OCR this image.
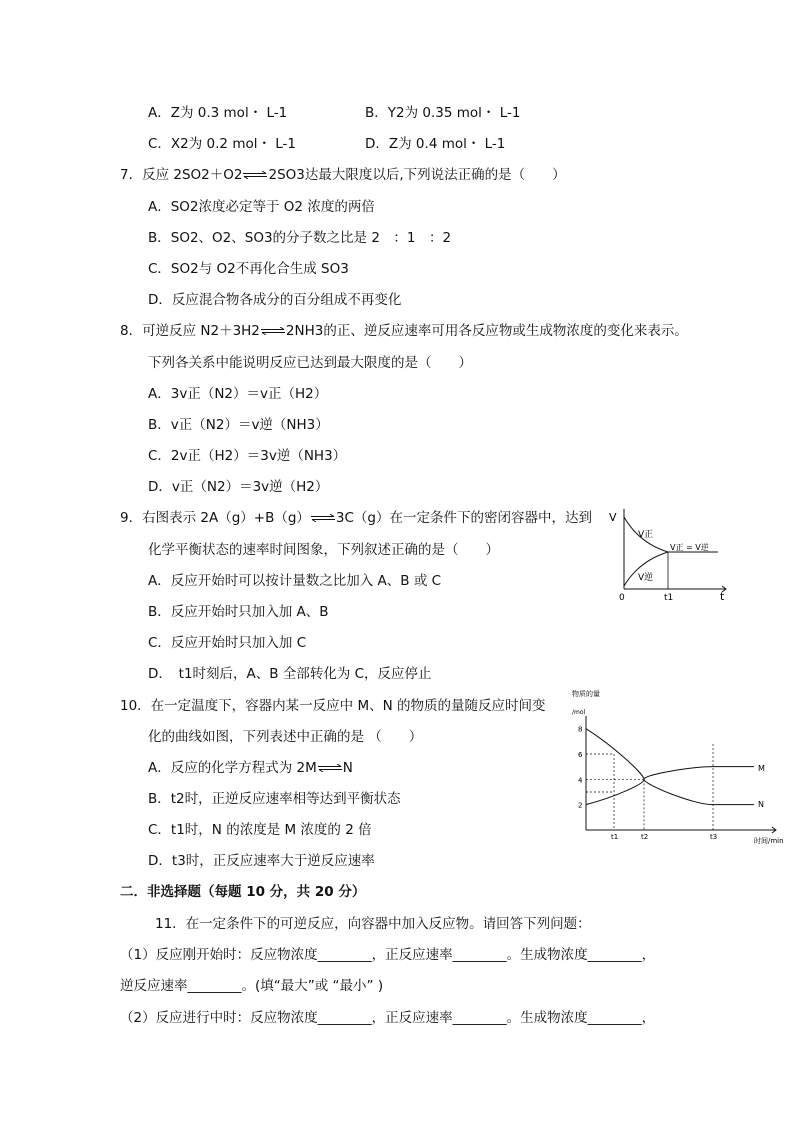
A．Z为 0.3 mol・ L-1	B．Y2为 0.35 mol・ L-1
C．X2为 0.2 mol・ L-1	D．Z为 0.4 mol・ L-1
7．反应 2SO2＋O2⇌2SO3达最大限度以后,下列说法正确的是（　　）
A．SO2浓度必定等于 O2 浓度的两倍
B．SO2、O2、SO3的分子数之比是 2　：1　：2
C．SO2与 O2不再化合生成 SO3
D．反应混合物各成分的百分组成不再变化
8．可逆反应 N2＋3H2⇌2NH3的正、逆反应速率可用各反应物或生成物浓度的变化来表示。
下列各关系中能说明反应已达到最大限度的是（　　）
A．3v正（N2）＝v正（H2）
B．v正（N2）＝v逆（NH3）
C．2v正（H2）＝3v逆（NH3）
D．v正（N2）＝3v逆（H2）
9．右图表示 2A（g）+B（g）⇌3C（g）在一定条件下的密闭容器中，达到
化学平衡状态的速率时间图象，下列叙述正确的是（　　）
A．反应开始时可以按计量数之比加入 A、B 或 C
B．反应开始时只加入加 A、B
C．反应开始时只加入加 C
D．　t1时刻后，A、B 全部转化为 C，反应停止
V
t
0	t1
V正
V逆
V正 = V逆
10．在一定温度下，容器内某一反应中 M、N 的物质的量随反应时间变
化的曲线如图，下列表述中正确的是 （　　）
A．反应的化学方程式为 2M⇌N
B．t2时，正逆反应速率相等达到平衡状态
C．t1时，N 的浓度是 M 浓度的 2 倍
D．t3时，正反应速率大于逆反应速率
物质的量
/mol
时间/min
2
4
6
8
t1	t2	t3
M
N
二．非选择题（每题 10 分，共 20 分）
11．在一定条件下的可逆反应，向容器中加入反应物。请回答下列问题：
（1）反应刚开始时：反应物浓度________，正反应速率________。生成物浓度________，
逆反应速率________。(填“最大”或 “最小” )
（2）反应进行中时：反应物浓度________，正反应速率________。生成物浓度________，
